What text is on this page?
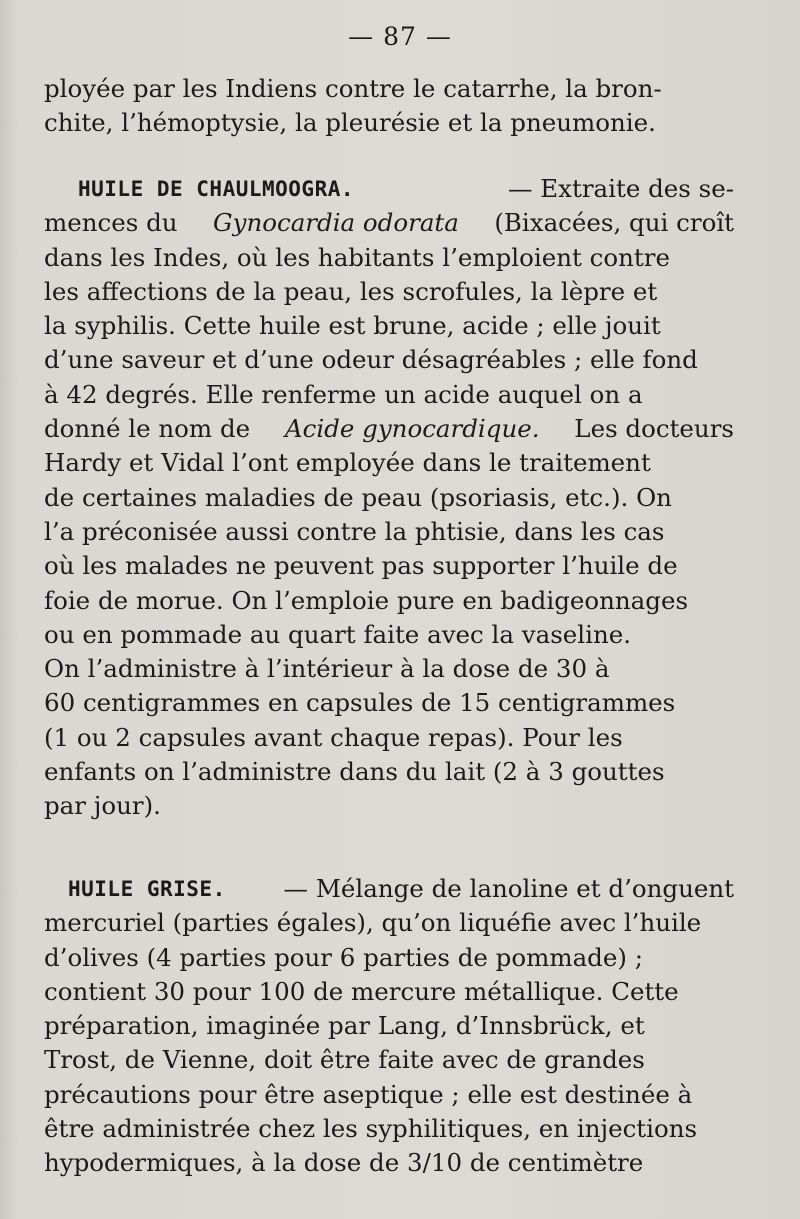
— 87 —
ployée par les Indiens contre le catarrhe, la bron-
chite, l’hémoptysie, la pleurésie et la pneumonie.
HUILE DE CHAULMOOGRA.	— Extraite des se-
mences du Gynocardia odorata (Bixacées, qui croît
dans les Indes, où les habitants l’emploient contre
les affections de la peau, les scrofules, la lèpre et
la syphilis. Cette huile est brune, acide ; elle jouit
d’une saveur et d’une odeur désagréables ; elle fond
à 42 degrés. Elle renferme un acide auquel on a
donné le nom de Acide gynocardique. Les docteurs
Hardy et Vidal l’ont employée dans le traitement
de certaines maladies de peau (psoriasis, etc.). On
l’a préconisée aussi contre la phtisie, dans les cas
où les malades ne peuvent pas supporter l’huile de
foie de morue. On l’emploie pure en badigeonnages
ou en pommade au quart faite avec la vaseline.
On l’administre à l’intérieur à la dose de 30 à
60 centigrammes en capsules de 15 centigrammes
(1 ou 2 capsules avant chaque repas). Pour les
enfants on l’administre dans du lait (2 à 3 gouttes
par jour).
HUILE GRISE. — Mélange de lanoline et d’onguent
mercuriel (parties égales), qu’on liquéfie avec l’huile
d’olives (4 parties pour 6 parties de pommade) ;
contient 30 pour 100 de mercure métallique. Cette
préparation, imaginée par Lang, d’Innsbrück, et
Trost, de Vienne, doit être faite avec de grandes
précautions pour être aseptique ; elle est destinée à
être administrée chez les syphilitiques, en injections
hypodermiques, à la dose de 3/10 de centimètre
